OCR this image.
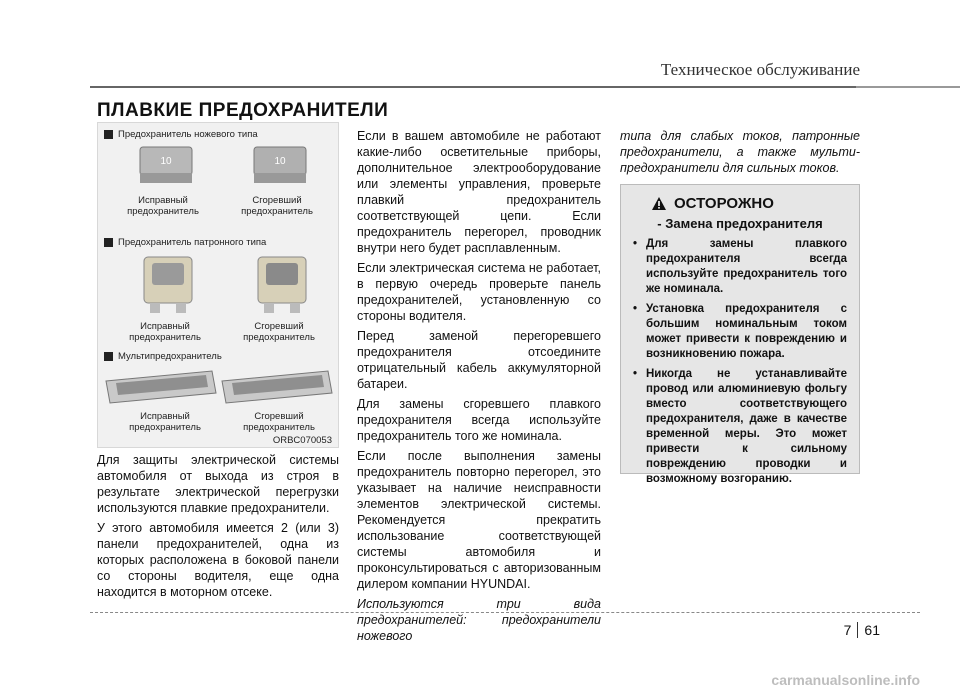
Техническое обслуживание
ПЛАВКИЕ ПРЕДОХРАНИТЕЛИ
Предохранитель ножевого типа
10	10
Исправный предохранитель
Сгоревший предохранитель
Предохранитель патронного типа
Исправный предохранитель
Сгоревший предохранитель
Мультипредохранитель
Исправный предохранитель
Сгоревший предохранитель
ORBC070053

Для защиты электрической системы автомобиля от выхода из строя в результате электрической перегрузки используются плавкие предохранители.

У этого автомобиля имеется 2 (или 3) панели предохранителей, одна из которых расположена в боковой панели со стороны водителя, еще одна находится в моторном отсеке.

Если в вашем автомобиле не работают какие-либо осветительные приборы, дополнительное электрооборудование или элементы управления, проверьте плавкий предохранитель соответствующей цепи. Если предохранитель перегорел, проводник внутри него будет расплавленным.

Если электрическая система не работает, в первую очередь проверьте панель предохранителей, установленную со стороны водителя.

Перед заменой перегоревшего предохранителя отсоедините отрицательный кабель аккумуляторной батареи.

Для замены сгоревшего плавкого предохранителя всегда используйте предохранитель того же номинала.

Если после выполнения замены предохранитель повторно перегорел, это указывает на наличие неисправности элементов электрической системы. Рекомендуется прекратить использование соответствующей системы автомобиля и проконсультироваться с авторизованным дилером компании HYUNDAI.

Используются три вида предохранителей: предохранители ножевого

типа для слабых токов, патронные предохранители, а также мульти-предохранители для сильных токов.

ОСТОРОЖНО
- Замена предохранителя
• Для замены плавкого предохранителя всегда используйте предохранитель того же номинала.
• Установка предохранителя с большим номинальным током может привести к повреждению и возникновению пожара.
• Никогда не устанавливайте провод или алюминиевую фольгу вместо соответствующего предохранителя, даже в качестве временной меры. Это может привести к сильному повреждению проводки и возможному возгоранию.
7 61
carmanualsonline.info
